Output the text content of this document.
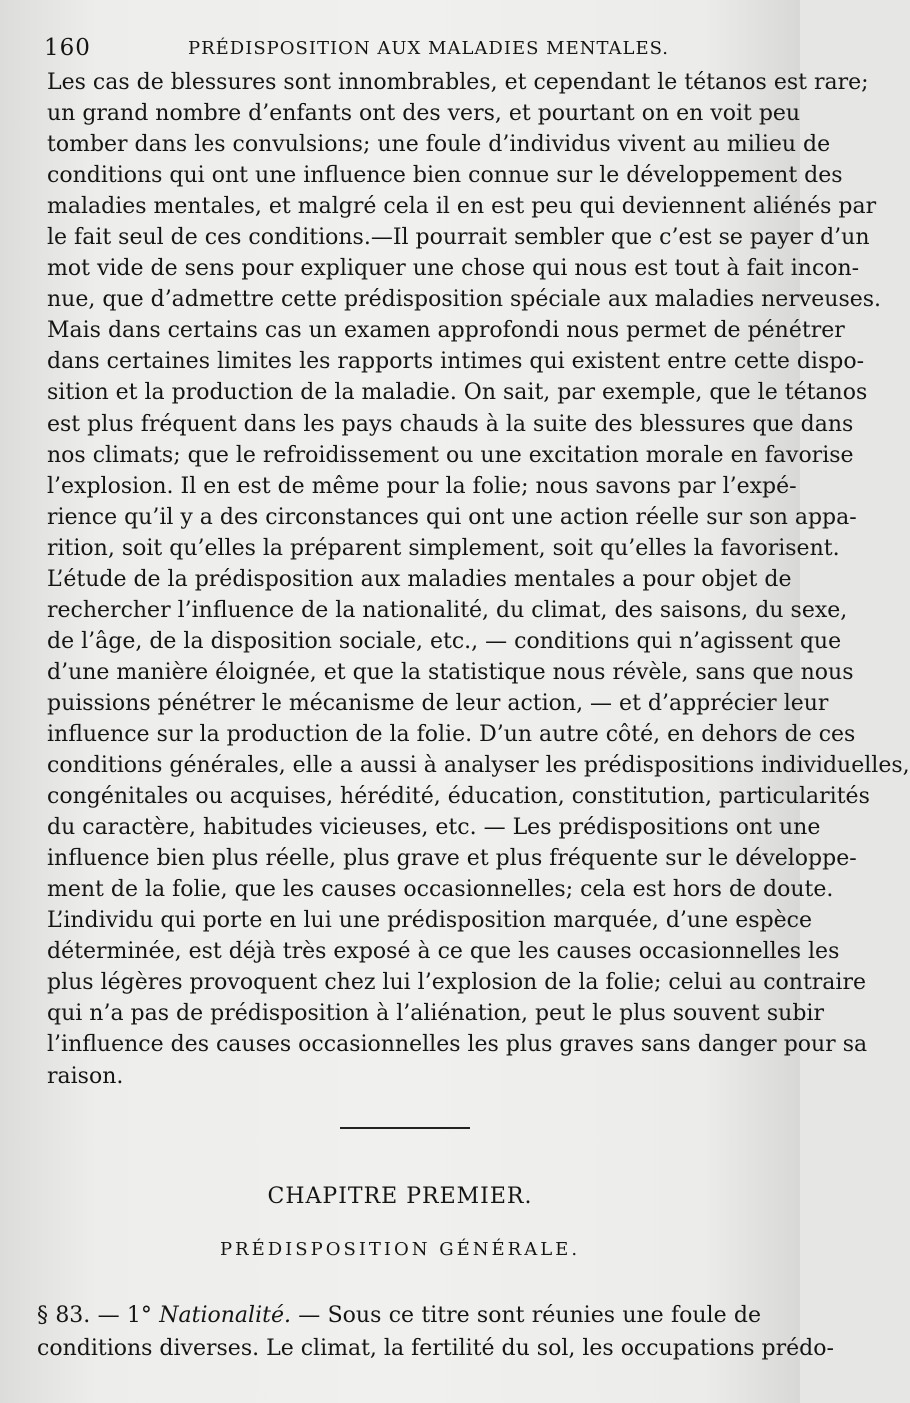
160	PRÉDISPOSITION AUX MALADIES MENTALES.
Les cas de blessures sont innombrables, et cependant le tétanos est rare;
un grand nombre d’enfants ont des vers, et pourtant on en voit peu
tomber dans les convulsions; une foule d’individus vivent au milieu de
conditions qui ont une influence bien connue sur le développement des
maladies mentales, et malgré cela il en est peu qui deviennent aliénés par
le fait seul de ces conditions.—Il pourrait sembler que c’est se payer d’un
mot vide de sens pour expliquer une chose qui nous est tout à fait incon-
nue, que d’admettre cette prédisposition spéciale aux maladies nerveuses.
Mais dans certains cas un examen approfondi nous permet de pénétrer
dans certaines limites les rapports intimes qui existent entre cette dispo-
sition et la production de la maladie. On sait, par exemple, que le tétanos
est plus fréquent dans les pays chauds à la suite des blessures que dans
nos climats; que le refroidissement ou une excitation morale en favorise
l’explosion. Il en est de même pour la folie; nous savons par l’expé-
rience qu’il y a des circonstances qui ont une action réelle sur son appa-
rition, soit qu’elles la préparent simplement, soit qu’elles la favorisent.
L’étude de la prédisposition aux maladies mentales a pour objet de
rechercher l’influence de la nationalité, du climat, des saisons, du sexe,
de l’âge, de la disposition sociale, etc., — conditions qui n’agissent que
d’une manière éloignée, et que la statistique nous révèle, sans que nous
puissions pénétrer le mécanisme de leur action, — et d’apprécier leur
influence sur la production de la folie. D’un autre côté, en dehors de ces
conditions générales, elle a aussi à analyser les prédispositions individuelles,
congénitales ou acquises, hérédité, éducation, constitution, particularités
du caractère, habitudes vicieuses, etc. — Les prédispositions ont une
influence bien plus réelle, plus grave et plus fréquente sur le développe-
ment de la folie, que les causes occasionnelles; cela est hors de doute.
L’individu qui porte en lui une prédisposition marquée, d’une espèce
déterminée, est déjà très exposé à ce que les causes occasionnelles les
plus légères provoquent chez lui l’explosion de la folie; celui au contraire
qui n’a pas de prédisposition à l’aliénation, peut le plus souvent subir
l’influence des causes occasionnelles les plus graves sans danger pour sa
raison.
CHAPITRE PREMIER.
PRÉDISPOSITION GÉNÉRALE.
§ 83. — 1° Nationalité. — Sous ce titre sont réunies une foule de
conditions diverses. Le climat, la fertilité du sol, les occupations prédo-
